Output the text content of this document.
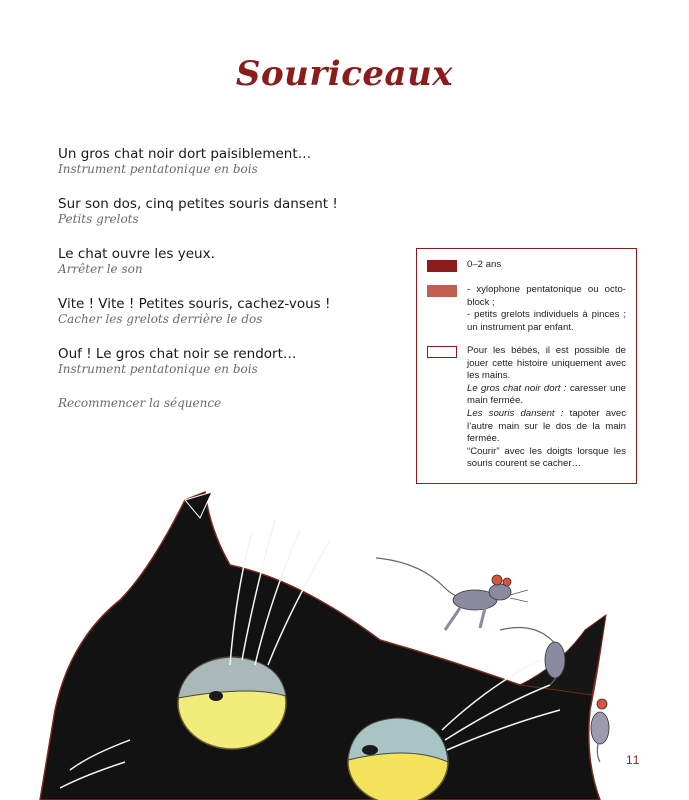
Souriceaux
Un gros chat noir dort paisiblement…
Instrument pentatonique en bois
Sur son dos, cinq petites souris dansent !
Petits grelots
Le chat ouvre les yeux.
Arrêter le son
Vite ! Vite ! Petites souris, cachez-vous !
Cacher les grelots derrière le dos
Ouf ! Le gros chat noir se rendort…
Instrument pentatonique en bois
Recommencer la séquence
0–2 ans
- xylophone pentatonique ou octo-block ;
- petits grelots individuels à pinces ; un instrument par enfant.
Pour les bébés, il est possible de jouer cette histoire uniquement avec les mains.
Le gros chat noir dort : caresser une main fermée.
Les souris dansent : tapoter avec l’autre main sur le dos de la main fermée.
“Courir” avec les doigts lorsque les souris courent se cacher…
11
